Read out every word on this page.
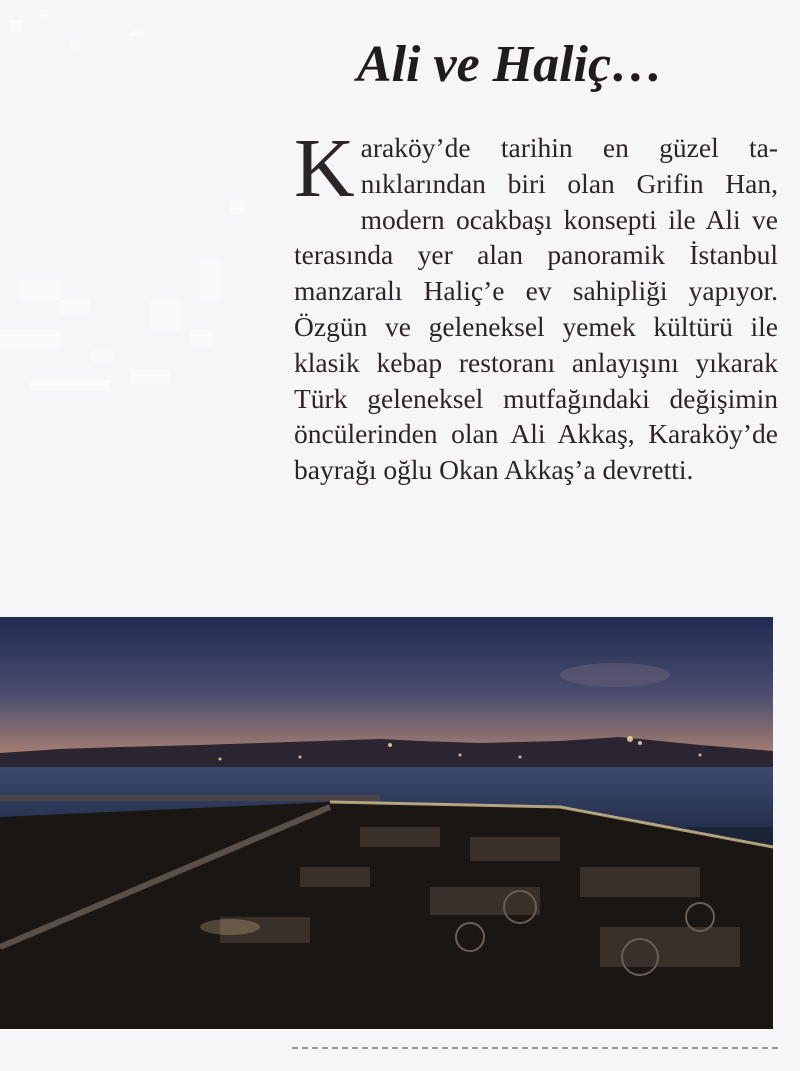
Ali ve Haliç…

Karaköy’de tarihin en güzel tanıklarından biri olan Grifin Han, modern ocakbaşı konsepti ile Ali ve terasında yer alan panoramik İstanbul manzaralı Haliç’e ev sahipliği yapıyor. Özgün ve geleneksel yemek kültürü ile klasik kebap restoranı anlayışını yıkarak Türk geleneksel mutfağındaki değişimin öncülerinden olan Ali Akkaş, Karaköy’de bayrağı oğlu Okan Akkaş’a devretti.
